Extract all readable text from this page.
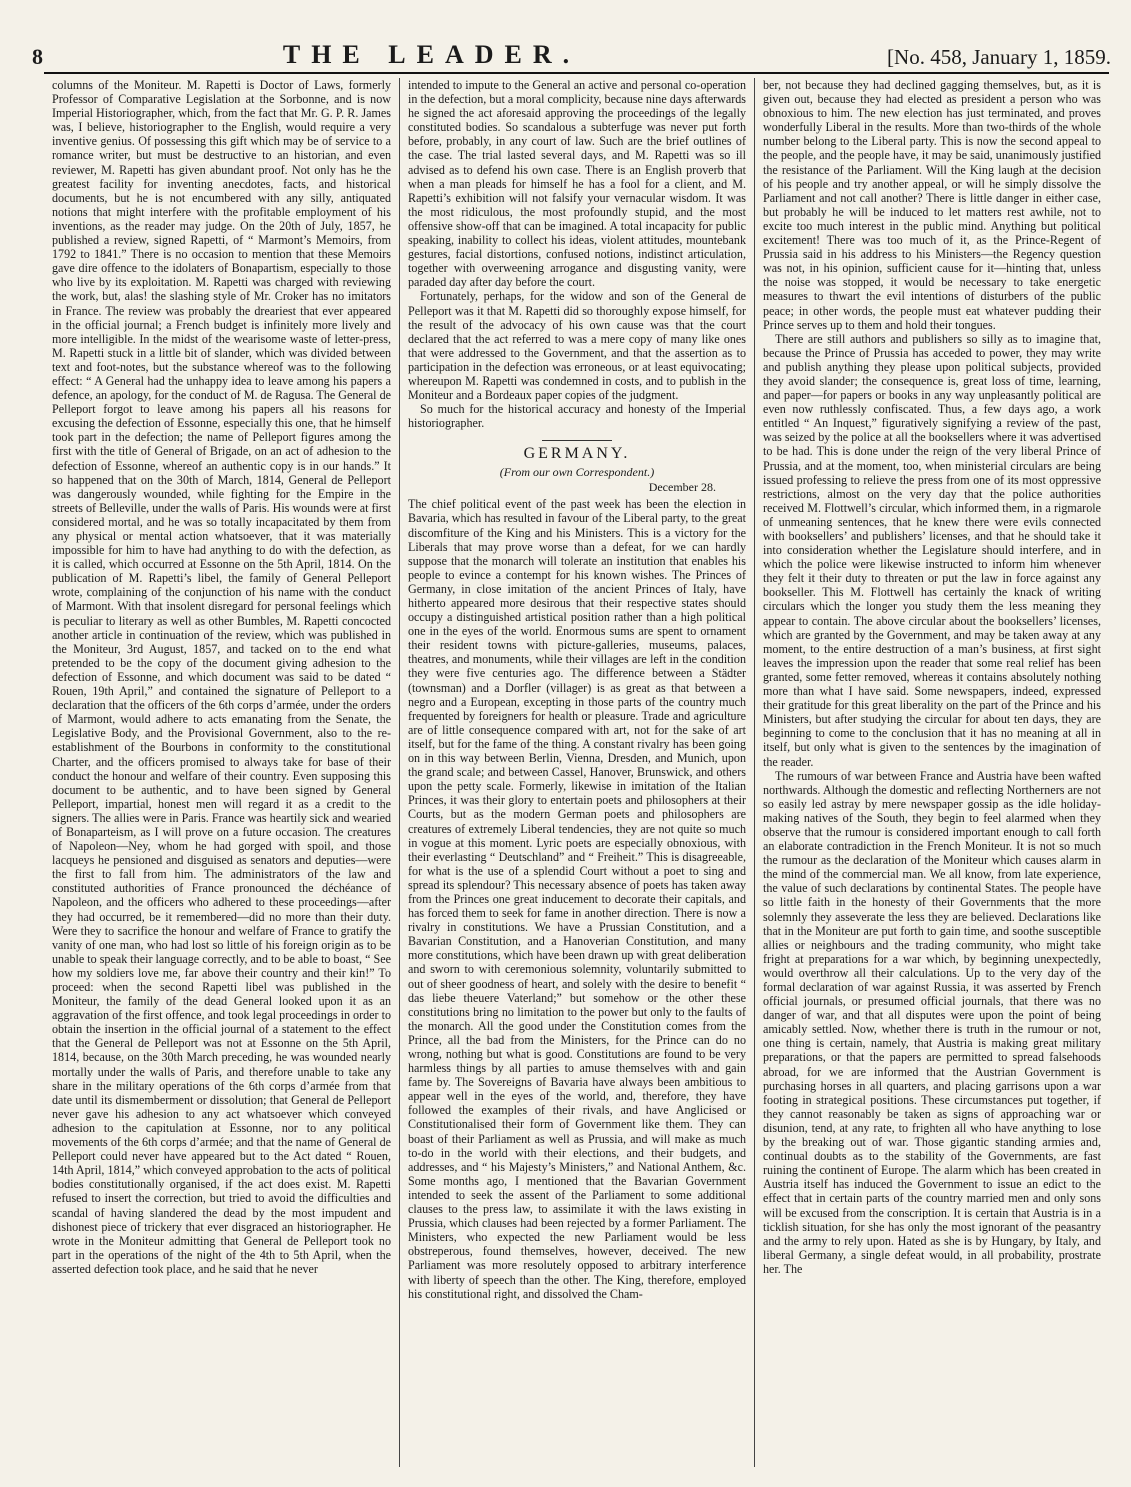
8	THE LEADER.	[No. 458, January 1, 1859.

columns of the Moniteur. M. Rapetti is Doctor of Laws, formerly Professor of Comparative Legislation at the Sorbonne, and is now Imperial Historiographer, which, from the fact that Mr. G. P. R. James was, I believe, historiographer to the English, would require a very inventive genius. Of possessing this gift which may be of service to a romance writer, but must be destructive to an historian, and even reviewer, M. Rapetti has given abundant proof. Not only has he the greatest facility for inventing anecdotes, facts, and historical documents, but he is not encumbered with any silly, antiquated notions that might interfere with the profitable employment of his inventions, as the reader may judge. On the 20th of July, 1857, he published a review, signed Rapetti, of “ Marmont’s Memoirs, from 1792 to 1841.” There is no occasion to mention that these Memoirs gave dire offence to the idolaters of Bonapartism, especially to those who live by its exploitation. M. Rapetti was charged with reviewing the work, but, alas! the slashing style of Mr. Croker has no imitators in France. The review was probably the dreariest that ever appeared in the official journal; a French budget is infinitely more lively and more intelligible. In the midst of the wearisome waste of letter-press, M. Rapetti stuck in a little bit of slander, which was divided between text and foot-notes, but the substance whereof was to the following effect: “ A General had the unhappy idea to leave among his papers a defence, an apology, for the conduct of M. de Ragusa. The General de Pelleport forgot to leave among his papers all his reasons for excusing the defection of Essonne, especially this one, that he himself took part in the defection; the name of Pelleport figures among the first with the title of General of Brigade, on an act of adhesion to the defection of Essonne, whereof an authentic copy is in our hands.” It so happened that on the 30th of March, 1814, General de Pelleport was dangerously wounded, while fighting for the Empire in the streets of Belleville, under the walls of Paris. His wounds were at first considered mortal, and he was so totally incapacitated by them from any physical or mental action whatsoever, that it was materially impossible for him to have had anything to do with the defection, as it is called, which occurred at Essonne on the 5th April, 1814. On the publication of M. Rapetti’s libel, the family of General Pelleport wrote, complaining of the conjunction of his name with the conduct of Marmont. With that insolent disregard for personal feelings which is peculiar to literary as well as other Bumbles, M. Rapetti concocted another article in continuation of the review, which was published in the Moniteur, 3rd August, 1857, and tacked on to the end what pretended to be the copy of the document giving adhesion to the defection of Essonne, and which document was said to be dated “ Rouen, 19th April,” and contained the signature of Pelleport to a declaration that the officers of the 6th corps d’armée, under the orders of Marmont, would adhere to acts emanating from the Senate, the Legislative Body, and the Provisional Government, also to the re-establishment of the Bourbons in conformity to the constitutional Charter, and the officers promised to always take for base of their conduct the honour and welfare of their country. Even supposing this document to be authentic, and to have been signed by General Pelleport, impartial, honest men will regard it as a credit to the signers. The allies were in Paris. France was heartily sick and wearied of Bonaparteism, as I will prove on a future occasion. The creatures of Napoleon—Ney, whom he had gorged with spoil, and those lacqueys he pensioned and disguised as senators and deputies—were the first to fall from him. The administrators of the law and constituted authorities of France pronounced the déchéance of Napoleon, and the officers who adhered to these proceedings—after they had occurred, be it remembered—did no more than their duty. Were they to sacrifice the honour and welfare of France to gratify the vanity of one man, who had lost so little of his foreign origin as to be unable to speak their language correctly, and to be able to boast, “ See how my soldiers love me, far above their country and their kin!” To proceed: when the second Rapetti libel was published in the Moniteur, the family of the dead General looked upon it as an aggravation of the first offence, and took legal proceedings in order to obtain the insertion in the official journal of a statement to the effect that the General de Pelleport was not at Essonne on the 5th April, 1814, because, on the 30th March preceding, he was wounded nearly mortally under the walls of Paris, and therefore unable to take any share in the military operations of the 6th corps d’armée from that date until its dismemberment or dissolution; that General de Pelleport never gave his adhesion to any act whatsoever which conveyed adhesion to the capitulation at Essonne, nor to any political movements of the 6th corps d’armée; and that the name of General de Pelleport could never have appeared but to the Act dated “ Rouen, 14th April, 1814,” which conveyed approbation to the acts of political bodies constitutionally organised, if the act does exist. M. Rapetti refused to insert the correction, but tried to avoid the difficulties and scandal of having slandered the dead by the most impudent and dishonest piece of trickery that ever disgraced an historiographer. He wrote in the Moniteur admitting that General de Pelleport took no part in the operations of the night of the 4th to 5th April, when the asserted defection took place, and he said that he never

intended to impute to the General an active and personal co-operation in the defection, but a moral complicity, because nine days afterwards he signed the act aforesaid approving the proceedings of the legally constituted bodies. So scandalous a subterfuge was never put forth before, probably, in any court of law. Such are the brief outlines of the case. The trial lasted several days, and M. Rapetti was so ill advised as to defend his own case. There is an English proverb that when a man pleads for himself he has a fool for a client, and M. Rapetti’s exhibition will not falsify your vernacular wisdom. It was the most ridiculous, the most profoundly stupid, and the most offensive show-off that can be imagined. A total incapacity for public speaking, inability to collect his ideas, violent attitudes, mountebank gestures, facial distortions, confused notions, indistinct articulation, together with overweening arrogance and disgusting vanity, were paraded day after day before the court.

Fortunately, perhaps, for the widow and son of the General de Pelleport was it that M. Rapetti did so thoroughly expose himself, for the result of the advocacy of his own cause was that the court declared that the act referred to was a mere copy of many like ones that were addressed to the Government, and that the assertion as to participation in the defection was erroneous, or at least equivocating; whereupon M. Rapetti was condemned in costs, and to publish in the Moniteur and a Bordeaux paper copies of the judgment.

So much for the historical accuracy and honesty of the Imperial historiographer.

GERMANY.
(From our own Correspondent.)
December 28.

The chief political event of the past week has been the election in Bavaria, which has resulted in favour of the Liberal party, to the great discomfiture of the King and his Ministers. This is a victory for the Liberals that may prove worse than a defeat, for we can hardly suppose that the monarch will tolerate an institution that enables his people to evince a contempt for his known wishes. The Princes of Germany, in close imitation of the ancient Princes of Italy, have hitherto appeared more desirous that their respective states should occupy a distinguished artistical position rather than a high political one in the eyes of the world. Enormous sums are spent to ornament their resident towns with picture-galleries, museums, palaces, theatres, and monuments, while their villages are left in the condition they were five centuries ago. The difference between a Städter (townsman) and a Dorfler (villager) is as great as that between a negro and a European, excepting in those parts of the country much frequented by foreigners for health or pleasure. Trade and agriculture are of little consequence compared with art, not for the sake of art itself, but for the fame of the thing. A constant rivalry has been going on in this way between Berlin, Vienna, Dresden, and Munich, upon the grand scale; and between Cassel, Hanover, Brunswick, and others upon the petty scale. Formerly, likewise in imitation of the Italian Princes, it was their glory to entertain poets and philosophers at their Courts, but as the modern German poets and philosophers are creatures of extremely Liberal tendencies, they are not quite so much in vogue at this moment. Lyric poets are especially obnoxious, with their everlasting “ Deutschland” and “ Freiheit.” This is disagreeable, for what is the use of a splendid Court without a poet to sing and spread its splendour? This necessary absence of poets has taken away from the Princes one great inducement to decorate their capitals, and has forced them to seek for fame in another direction. There is now a rivalry in constitutions. We have a Prussian Constitution, and a Bavarian Constitution, and a Hanoverian Constitution, and many more constitutions, which have been drawn up with great deliberation and sworn to with ceremonious solemnity, voluntarily submitted to out of sheer goodness of heart, and solely with the desire to benefit “ das liebe theuere Vaterland;” but somehow or the other these constitutions bring no limitation to the power but only to the faults of the monarch. All the good under the Constitution comes from the Prince, all the bad from the Ministers, for the Prince can do no wrong, nothing but what is good. Constitutions are found to be very harmless things by all parties to amuse themselves with and gain fame by. The Sovereigns of Bavaria have always been ambitious to appear well in the eyes of the world, and, therefore, they have followed the examples of their rivals, and have Anglicised or Constitutionalised their form of Government like them. They can boast of their Parliament as well as Prussia, and will make as much to-do in the world with their elections, and their budgets, and addresses, and “ his Majesty’s Ministers,” and National Anthem, &c. Some months ago, I mentioned that the Bavarian Government intended to seek the assent of the Parliament to some additional clauses to the press law, to assimilate it with the laws existing in Prussia, which clauses had been rejected by a former Parliament. The Ministers, who expected the new Parliament would be less obstreperous, found themselves, however, deceived. The new Parliament was more resolutely opposed to arbitrary interference with liberty of speech than the other. The King, therefore, employed his constitutional right, and dissolved the Cham-

ber, not because they had declined gagging themselves, but, as it is given out, because they had elected as president a person who was obnoxious to him. The new election has just terminated, and proves wonderfully Liberal in the results. More than two-thirds of the whole number belong to the Liberal party. This is now the second appeal to the people, and the people have, it may be said, unanimously justified the resistance of the Parliament. Will the King laugh at the decision of his people and try another appeal, or will he simply dissolve the Parliament and not call another? There is little danger in either case, but probably he will be induced to let matters rest awhile, not to excite too much interest in the public mind. Anything but political excitement! There was too much of it, as the Prince-Regent of Prussia said in his address to his Ministers—the Regency question was not, in his opinion, sufficient cause for it—hinting that, unless the noise was stopped, it would be necessary to take energetic measures to thwart the evil intentions of disturbers of the public peace; in other words, the people must eat whatever pudding their Prince serves up to them and hold their tongues.

There are still authors and publishers so silly as to imagine that, because the Prince of Prussia has acceded to power, they may write and publish anything they please upon political subjects, provided they avoid slander; the consequence is, great loss of time, learning, and paper—for papers or books in any way unpleasantly political are even now ruthlessly confiscated. Thus, a few days ago, a work entitled “ An Inquest,” figuratively signifying a review of the past, was seized by the police at all the booksellers where it was advertised to be had. This is done under the reign of the very liberal Prince of Prussia, and at the moment, too, when ministerial circulars are being issued professing to relieve the press from one of its most oppressive restrictions, almost on the very day that the police authorities received M. Flottwell’s circular, which informed them, in a rigmarole of unmeaning sentences, that he knew there were evils connected with booksellers’ and publishers’ licenses, and that he should take it into consideration whether the Legislature should interfere, and in which the police were likewise instructed to inform him whenever they felt it their duty to threaten or put the law in force against any bookseller. This M. Flottwell has certainly the knack of writing circulars which the longer you study them the less meaning they appear to contain. The above circular about the booksellers’ licenses, which are granted by the Government, and may be taken away at any moment, to the entire destruction of a man’s business, at first sight leaves the impression upon the reader that some real relief has been granted, some fetter removed, whereas it contains absolutely nothing more than what I have said. Some newspapers, indeed, expressed their gratitude for this great liberality on the part of the Prince and his Ministers, but after studying the circular for about ten days, they are beginning to come to the conclusion that it has no meaning at all in itself, but only what is given to the sentences by the imagination of the reader.

The rumours of war between France and Austria have been wafted northwards. Although the domestic and reflecting Northerners are not so easily led astray by mere newspaper gossip as the idle holiday-making natives of the South, they begin to feel alarmed when they observe that the rumour is considered important enough to call forth an elaborate contradiction in the French Moniteur. It is not so much the rumour as the declaration of the Moniteur which causes alarm in the mind of the commercial man. We all know, from late experience, the value of such declarations by continental States. The people have so little faith in the honesty of their Governments that the more solemnly they asseverate the less they are believed. Declarations like that in the Moniteur are put forth to gain time, and soothe susceptible allies or neighbours and the trading community, who might take fright at preparations for a war which, by beginning unexpectedly, would overthrow all their calculations. Up to the very day of the formal declaration of war against Russia, it was asserted by French official journals, or presumed official journals, that there was no danger of war, and that all disputes were upon the point of being amicably settled. Now, whether there is truth in the rumour or not, one thing is certain, namely, that Austria is making great military preparations, or that the papers are permitted to spread falsehoods abroad, for we are informed that the Austrian Government is purchasing horses in all quarters, and placing garrisons upon a war footing in strategical positions. These circumstances put together, if they cannot reasonably be taken as signs of approaching war or disunion, tend, at any rate, to frighten all who have anything to lose by the breaking out of war. Those gigantic standing armies and, continual doubts as to the stability of the Governments, are fast ruining the continent of Europe. The alarm which has been created in Austria itself has induced the Government to issue an edict to the effect that in certain parts of the country married men and only sons will be excused from the conscription. It is certain that Austria is in a ticklish situation, for she has only the most ignorant of the peasantry and the army to rely upon. Hated as she is by Hungary, by Italy, and liberal Germany, a single defeat would, in all probability, prostrate her. The
